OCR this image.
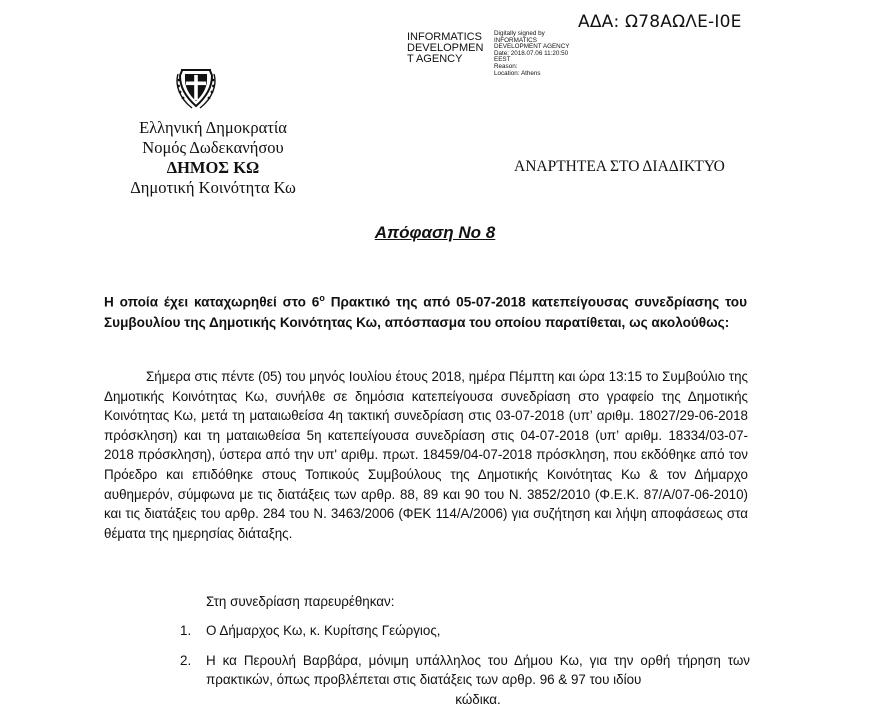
ΑΔΑ: Ω78ΑΩΛΕ-Ι0Ε
INFORMATICS
DEVELOPMEN
T AGENCY
Digitally signed by
INFORMATICS
DEVELOPMENT AGENCY
Date: 2018.07.06 11:20:50
EEST
Reason:
Location: Athens
Ελληνική Δημοκρατία
Νομός Δωδεκανήσου
ΔΗΜΟΣ ΚΩ
Δημοτική Κοινότητα Κω
ΑΝΑΡΤΗΤΕΑ ΣΤΟ ΔΙΑΔΙΚΤΥΟ
Απόφαση Νο 8

Η οποία έχει καταχωρηθεί στο $6^o$ Πρακτικό της από 05-07-2018 κατεπείγουσας συνεδρίασης του Συμβουλίου της Δημοτικής Κοινότητας Κω, απόσπασμα του οποίου παρατίθεται, ως ακολούθως:

Σήμερα στις πέντε (05) του μηνός Ιουλίου έτους 2018, ημέρα Πέμπτη και ώρα 13:15 το Συμβούλιο της Δημοτικής Κοινότητας Κω, συνήλθε σε δημόσια κατεπείγουσα συνεδρίαση στο γραφείο της Δημοτικής Κοινότητας Κω, μετά τη ματαιωθείσα 4η τακτική συνεδρίαση στις 03-07-2018 (υπ’ αριθμ. 18027/29-06-2018 πρόσκληση) και τη ματαιωθείσα 5η κατεπείγουσα συνεδρίαση στις 04-07-2018 (υπ’ αριθμ. 18334/03-07-2018 πρόσκληση), ύστερα από την υπ' αριθμ. πρωτ. 18459/04-07-2018 πρόσκληση, που εκδόθηκε από τον Πρόεδρο και επιδόθηκε στους Τοπικούς Συμβούλους της Δημοτικής Κοινότητας Κω & τον Δήμαρχο αυθημερόν, σύμφωνα με τις διατάξεις των αρθρ. 88, 89 και 90 του Ν. 3852/2010 (Φ.Ε.Κ. 87/Α/07-06-2010) και τις διατάξεις του αρθρ. 284 του Ν. 3463/2006 (ΦΕΚ 114/Α/2006) για συζήτηση και λήψη αποφάσεως στα θέματα της ημερησίας διάταξης.

Στη συνεδρίαση παρευρέθηκαν:
1. Ο Δήμαρχος Κω, κ. Κυρίτσης Γεώργιος,
2. Η κα Περουλή Βαρβάρα, μόνιμη υπάλληλος του Δήμου Κω, για την ορθή τήρηση των πρακτικών, όπως προβλέπεται στις διατάξεις των αρθρ. 96 & 97 του ιδίου
κώδικα.
